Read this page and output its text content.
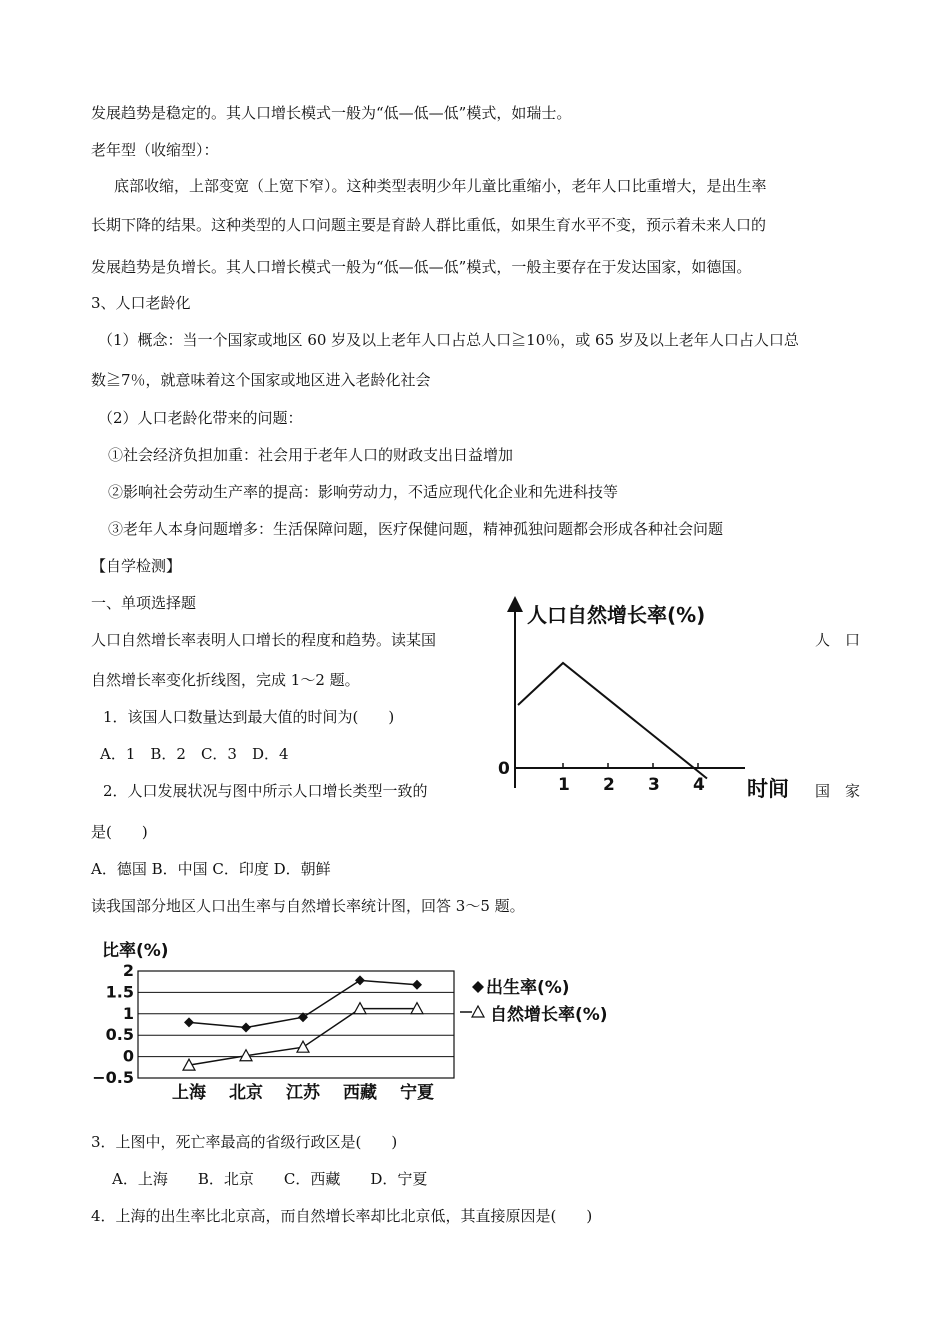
发展趋势是稳定的。其人口增长模式一般为“低—低—低”模式，如瑞士。
老年型（收缩型）：
底部收缩，上部变宽（上宽下窄）。这种类型表明少年儿童比重缩小，老年人口比重增大，是出生率
长期下降的结果。这种类型的人口问题主要是育龄人群比重低，如果生育水平不变，预示着未来人口的
发展趋势是负增长。其人口增长模式一般为“低—低—低”模式，一般主要存在于发达国家，如德国。
3、人口老龄化
（1）概念：当一个国家或地区 60 岁及以上老年人口占总人口≧10％，或 65 岁及以上老年人口占人口总
数≧7％，就意味着这个国家或地区进入老龄化社会
（2）人口老龄化带来的问题：
①社会经济负担加重：社会用于老年人口的财政支出日益增加
②影响社会劳动生产率的提高：影响劳动力，不适应现代化企业和先进科技等
③老年人本身问题增多：生活保障问题，医疗保健问题，精神孤独问题都会形成各种社会问题
【自学检测】
一、单项选择题
人口自然增长率表明人口增长的程度和趋势。读某国	人　口
自然增长率变化折线图，完成 1～2 题。
1．该国人口数量达到最大值的时间为(　　)
A．1　B．2　C．3　D．4
2．人口发展状况与图中所示人口增长类型一致的	国　家
是(　　)
A．德国 B．中国 C．印度 D．朝鲜
读我国部分地区人口出生率与自然增长率统计图，回答 3～5 题。
3．上图中，死亡率最高的省级行政区是(　　)
A．上海　　B．北京　　C．西藏　　D．宁夏
4．上海的出生率比北京高，而自然增长率却比北京低，其直接原因是(　　)
人口自然增长率(%)
0
时间
1 2 3 4
比率(%)
2
1.5
1
0.5
0
−0.5
上海 北京 江苏 西藏 宁夏
出生率(%)
自然增长率(%)
